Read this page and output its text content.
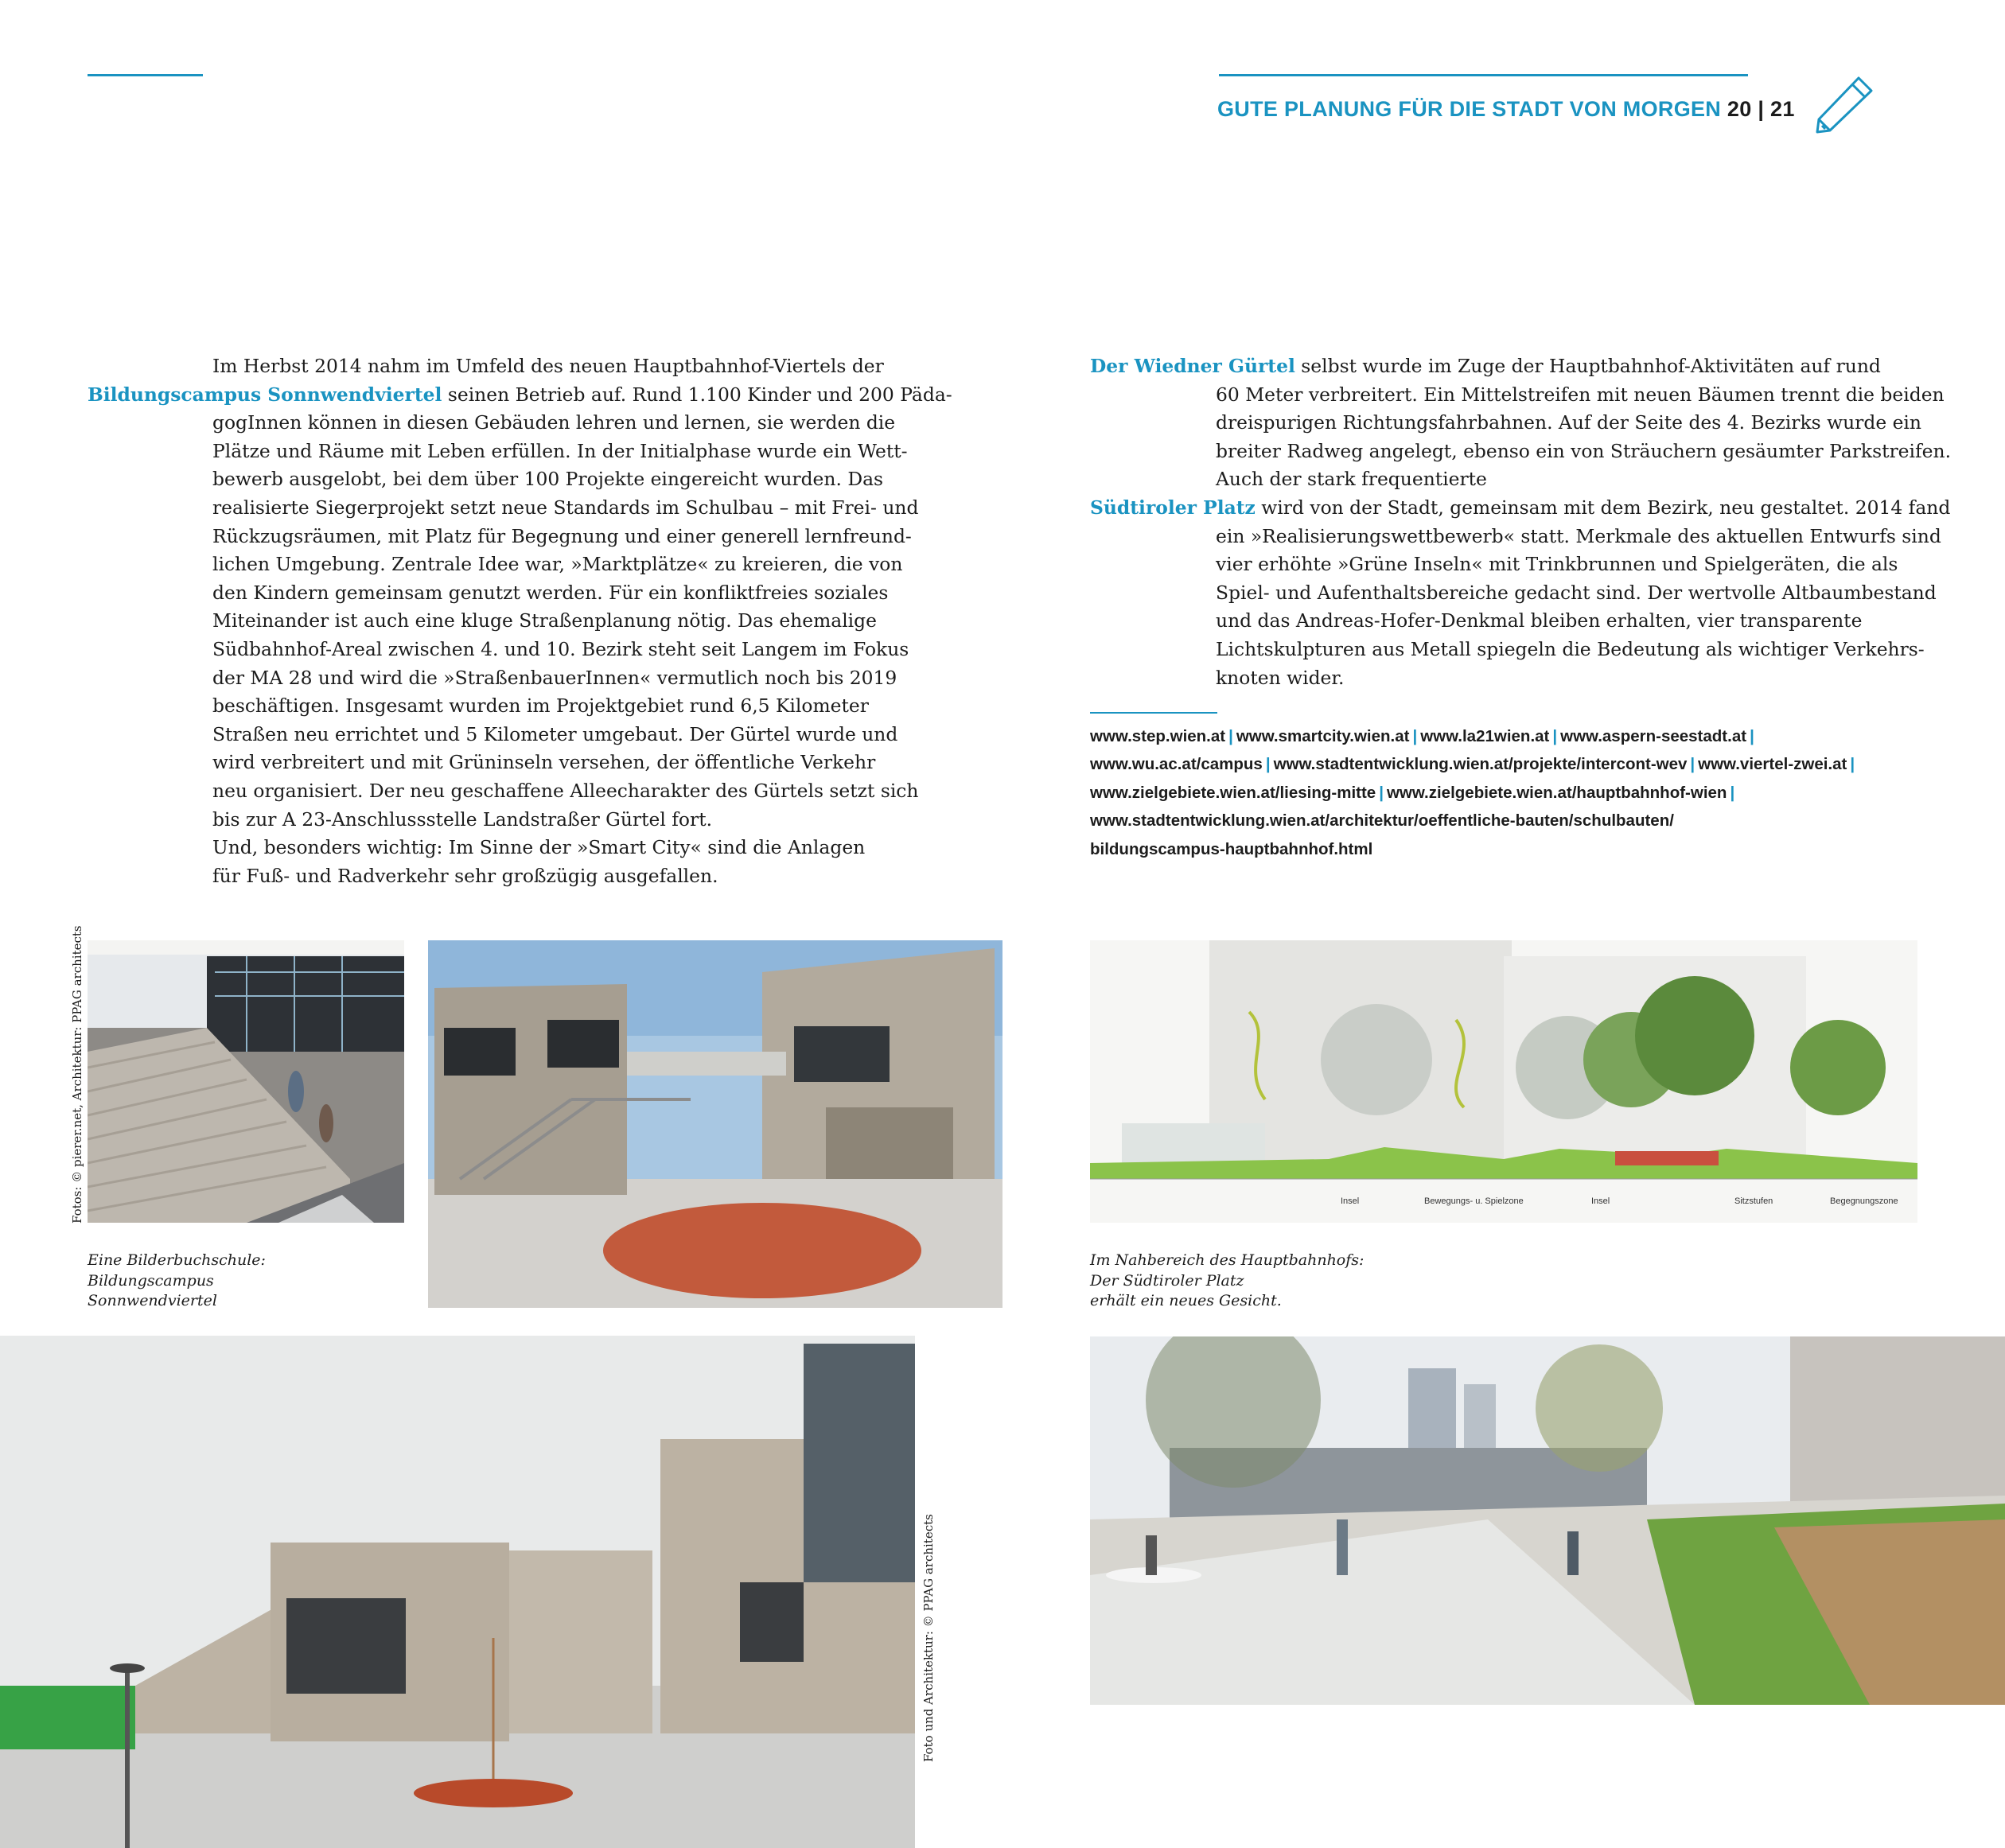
GUTE PLANUNG FÜR DIE STADT VON MORGEN 20 | 21
Im Herbst 2014 nahm im Umfeld des neuen Hauptbahnhof-Viertels der
Bildungscampus Sonnwendviertel seinen Betrieb auf. Rund 1.100 Kinder und 200 Päda-
gogInnen können in diesen Gebäuden lehren und lernen, sie werden die
Plätze und Räume mit Leben erfüllen. In der Initialphase wurde ein Wett-
bewerb ausgelobt, bei dem über 100 Projekte eingereicht wurden. Das
realisierte Siegerprojekt setzt neue Standards im Schulbau – mit Frei- und
Rückzugsräumen, mit Platz für Begegnung und einer generell lernfreund-
lichen Umgebung. Zentrale Idee war, »Marktplätze« zu kreieren, die von
den Kindern gemeinsam genutzt werden. Für ein konfliktfreies soziales
Miteinander ist auch eine kluge Straßenplanung nötig. Das ehemalige
Südbahnhof-Areal zwischen 4. und 10. Bezirk steht seit Langem im Fokus
der MA 28 und wird die »StraßenbauerInnen« vermutlich noch bis 2019
beschäftigen. Insgesamt wurden im Projektgebiet rund 6,5 Kilometer
Straßen neu errichtet und 5 Kilometer umgebaut. Der Gürtel wurde und
wird verbreitert und mit Grüninseln versehen, der öffentliche Verkehr
neu organisiert. Der neu geschaffene Alleecharakter des Gürtels setzt sich
bis zur A 23-Anschlussstelle Landstraßer Gürtel fort.
Und, besonders wichtig: Im Sinne der »Smart City« sind die Anlagen
für Fuß- und Radverkehr sehr großzügig ausgefallen.
Der Wiedner Gürtel selbst wurde im Zuge der Hauptbahnhof-Aktivitäten auf rund
60 Meter verbreitert. Ein Mittelstreifen mit neuen Bäumen trennt die beiden
dreispurigen Richtungsfahrbahnen. Auf der Seite des 4. Bezirks wurde ein
breiter Radweg angelegt, ebenso ein von Sträuchern gesäumter Parkstreifen.
Auch der stark frequentierte
Südtiroler Platz wird von der Stadt, gemeinsam mit dem Bezirk, neu gestaltet. 2014 fand
ein »Realisierungswettbewerb« statt. Merkmale des aktuellen Entwurfs sind
vier erhöhte »Grüne Inseln« mit Trinkbrunnen und Spielgeräten, die als
Spiel- und Aufenthaltsbereiche gedacht sind. Der wertvolle Altbaumbestand
und das Andreas-Hofer-Denkmal bleiben erhalten, vier transparente
Lichtskulpturen aus Metall spiegeln die Bedeutung als wichtiger Verkehrs-
knoten wider.
www.step.wien.at | www.smartcity.wien.at | www.la21wien.at | www.aspern-seestadt.at |
www.wu.ac.at/campus | www.stadtentwicklung.wien.at/projekte/intercont-wev | www.viertel-zwei.at |
www.zielgebiete.wien.at/liesing-mitte | www.zielgebiete.wien.at/hauptbahnhof-wien |
www.stadtentwicklung.wien.at/architektur/oeffentliche-bauten/schulbauten/
bildungscampus-hauptbahnhof.html
Insel	Bewegungs- u. Spielzone	Insel	Sitzstufen	Begegnungszone
Eine Bilderbuchschule:
Bildungscampus
Sonnwendviertel
Im Nahbereich des Hauptbahnhofs:
Der Südtiroler Platz
erhält ein neues Gesicht.
Fotos: © pierer.net, Architektur: PPAG architects
Foto und Architektur: © PPAG architects
